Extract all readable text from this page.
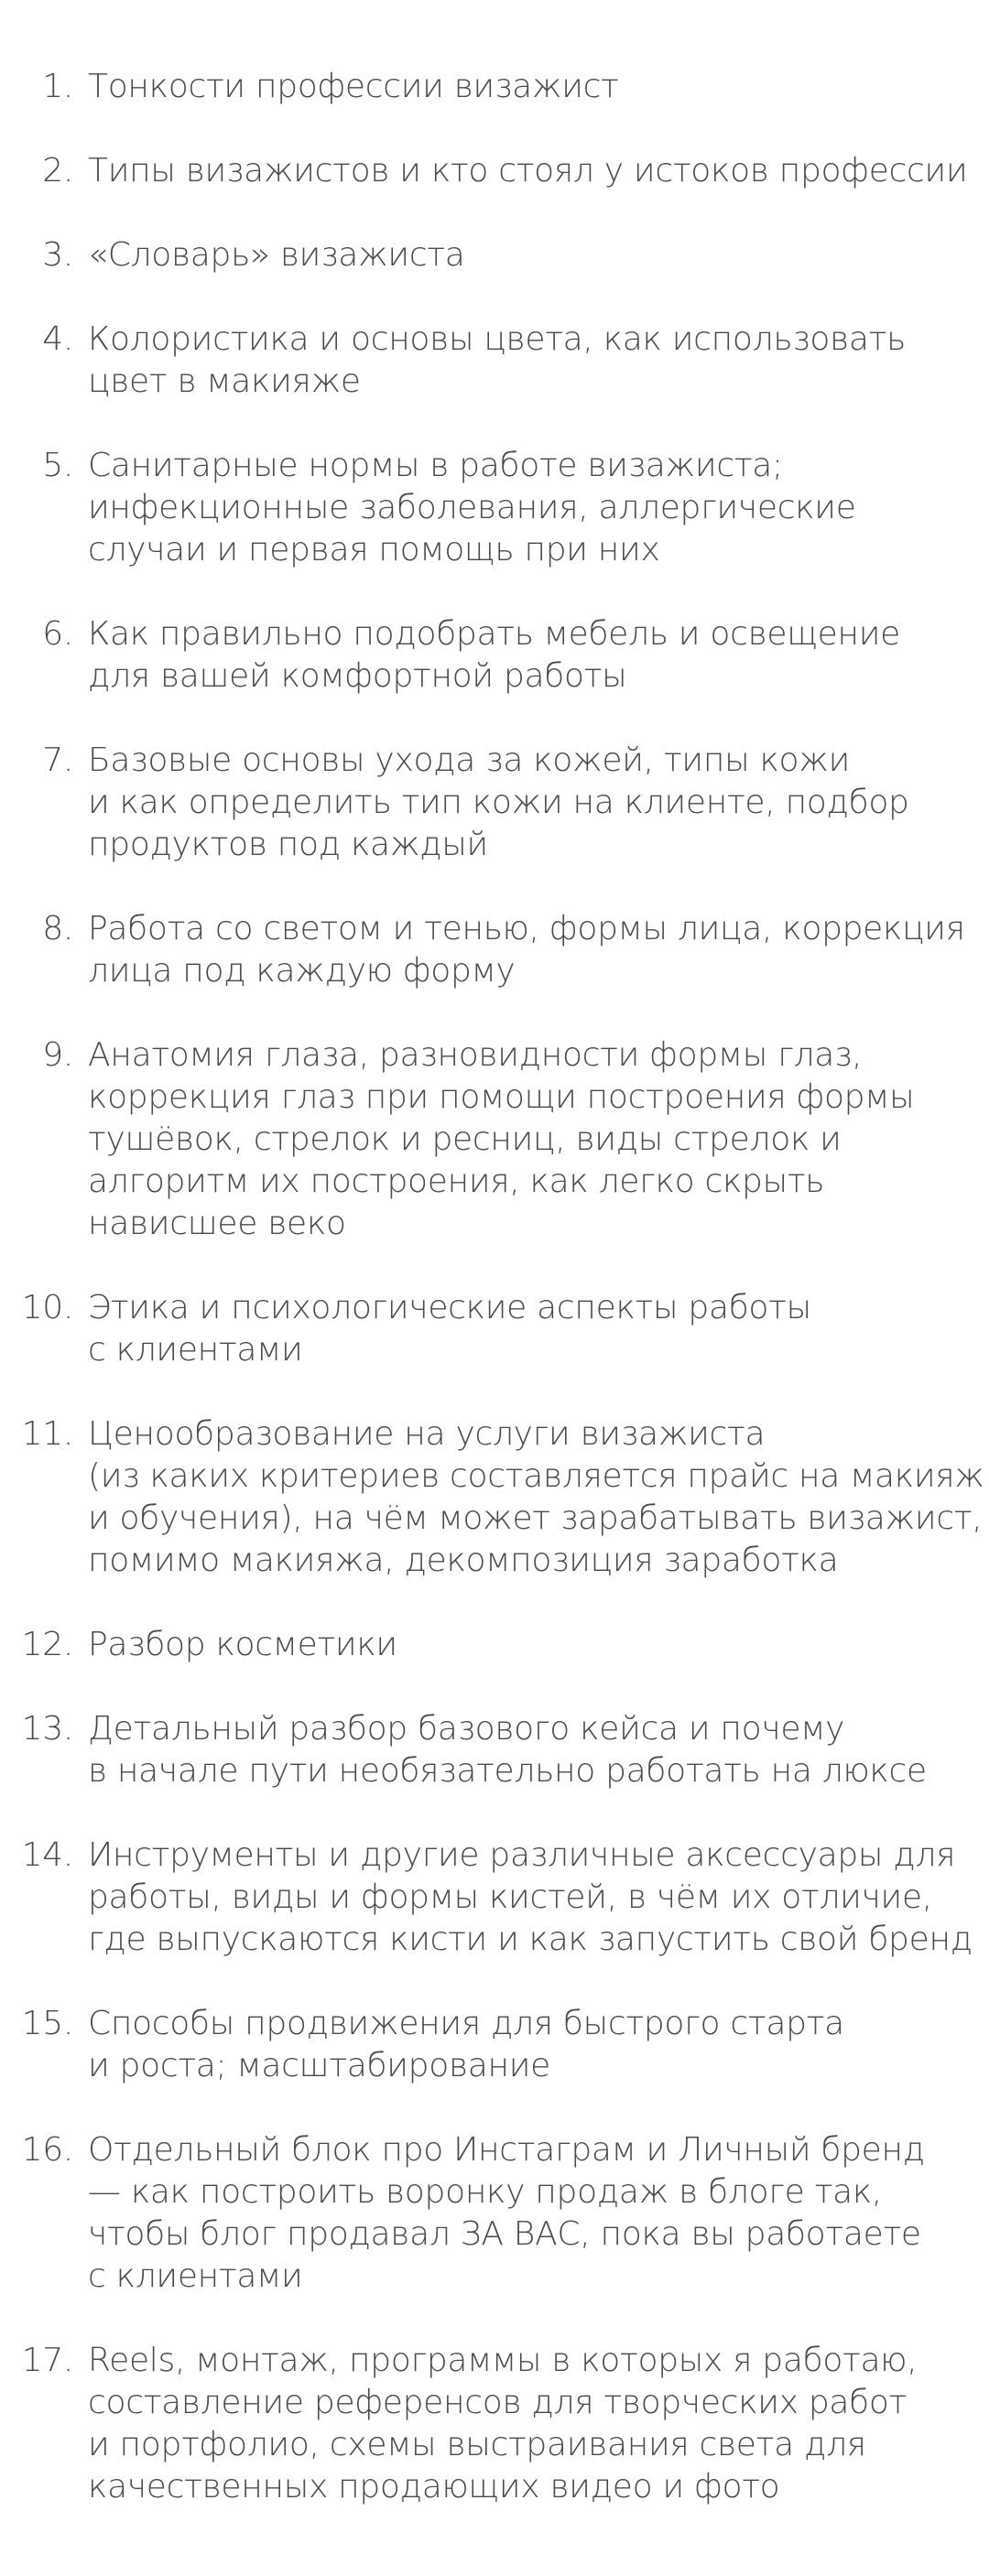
1. Тонкости профессии визажист
2. Типы визажистов и кто стоял у истоков профессии
3. «Словарь» визажиста
4. Колористика и основы цвета, как использовать
цвет в макияже
5. Санитарные нормы в работе визажиста;
инфекционные заболевания, аллергические
случаи и первая помощь при них
6. Как правильно подобрать мебель и освещение
для вашей комфортной работы
7. Базовые основы ухода за кожей, типы кожи
и как определить тип кожи на клиенте, подбор
продуктов под каждый
8. Работа со светом и тенью, формы лица, коррекция
лица под каждую форму
9. Анатомия глаза, разновидности формы глаз,
коррекция глаз при помощи построения формы
тушёвок, стрелок и ресниц, виды стрелок и
алгоритм их построения, как легко скрыть
нависшее веко
10. Этика и психологические аспекты работы
с клиентами
11. Ценообразование на услуги визажиста
(из каких критериев составляется прайс на макияж
и обучения), на чём может зарабатывать визажист,
помимо макияжа, декомпозиция заработка
12. Разбор косметики
13. Детальный разбор базового кейса и почему
в начале пути необязательно работать на люксе
14. Инструменты и другие различные аксессуары для
работы, виды и формы кистей, в чём их отличие,
где выпускаются кисти и как запустить свой бренд
15. Способы продвижения для быстрого старта
и роста; масштабирование
16. Отдельный блок про Инстаграм и Личный бренд
— как построить воронку продаж в блоге так,
чтобы блог продавал ЗА ВАС, пока вы работаете
с клиентами
17. Reels, монтаж, программы в которых я работаю,
составление референсов для творческих работ
и портфолио, схемы выстраивания света для
качественных продающих видео и фото
